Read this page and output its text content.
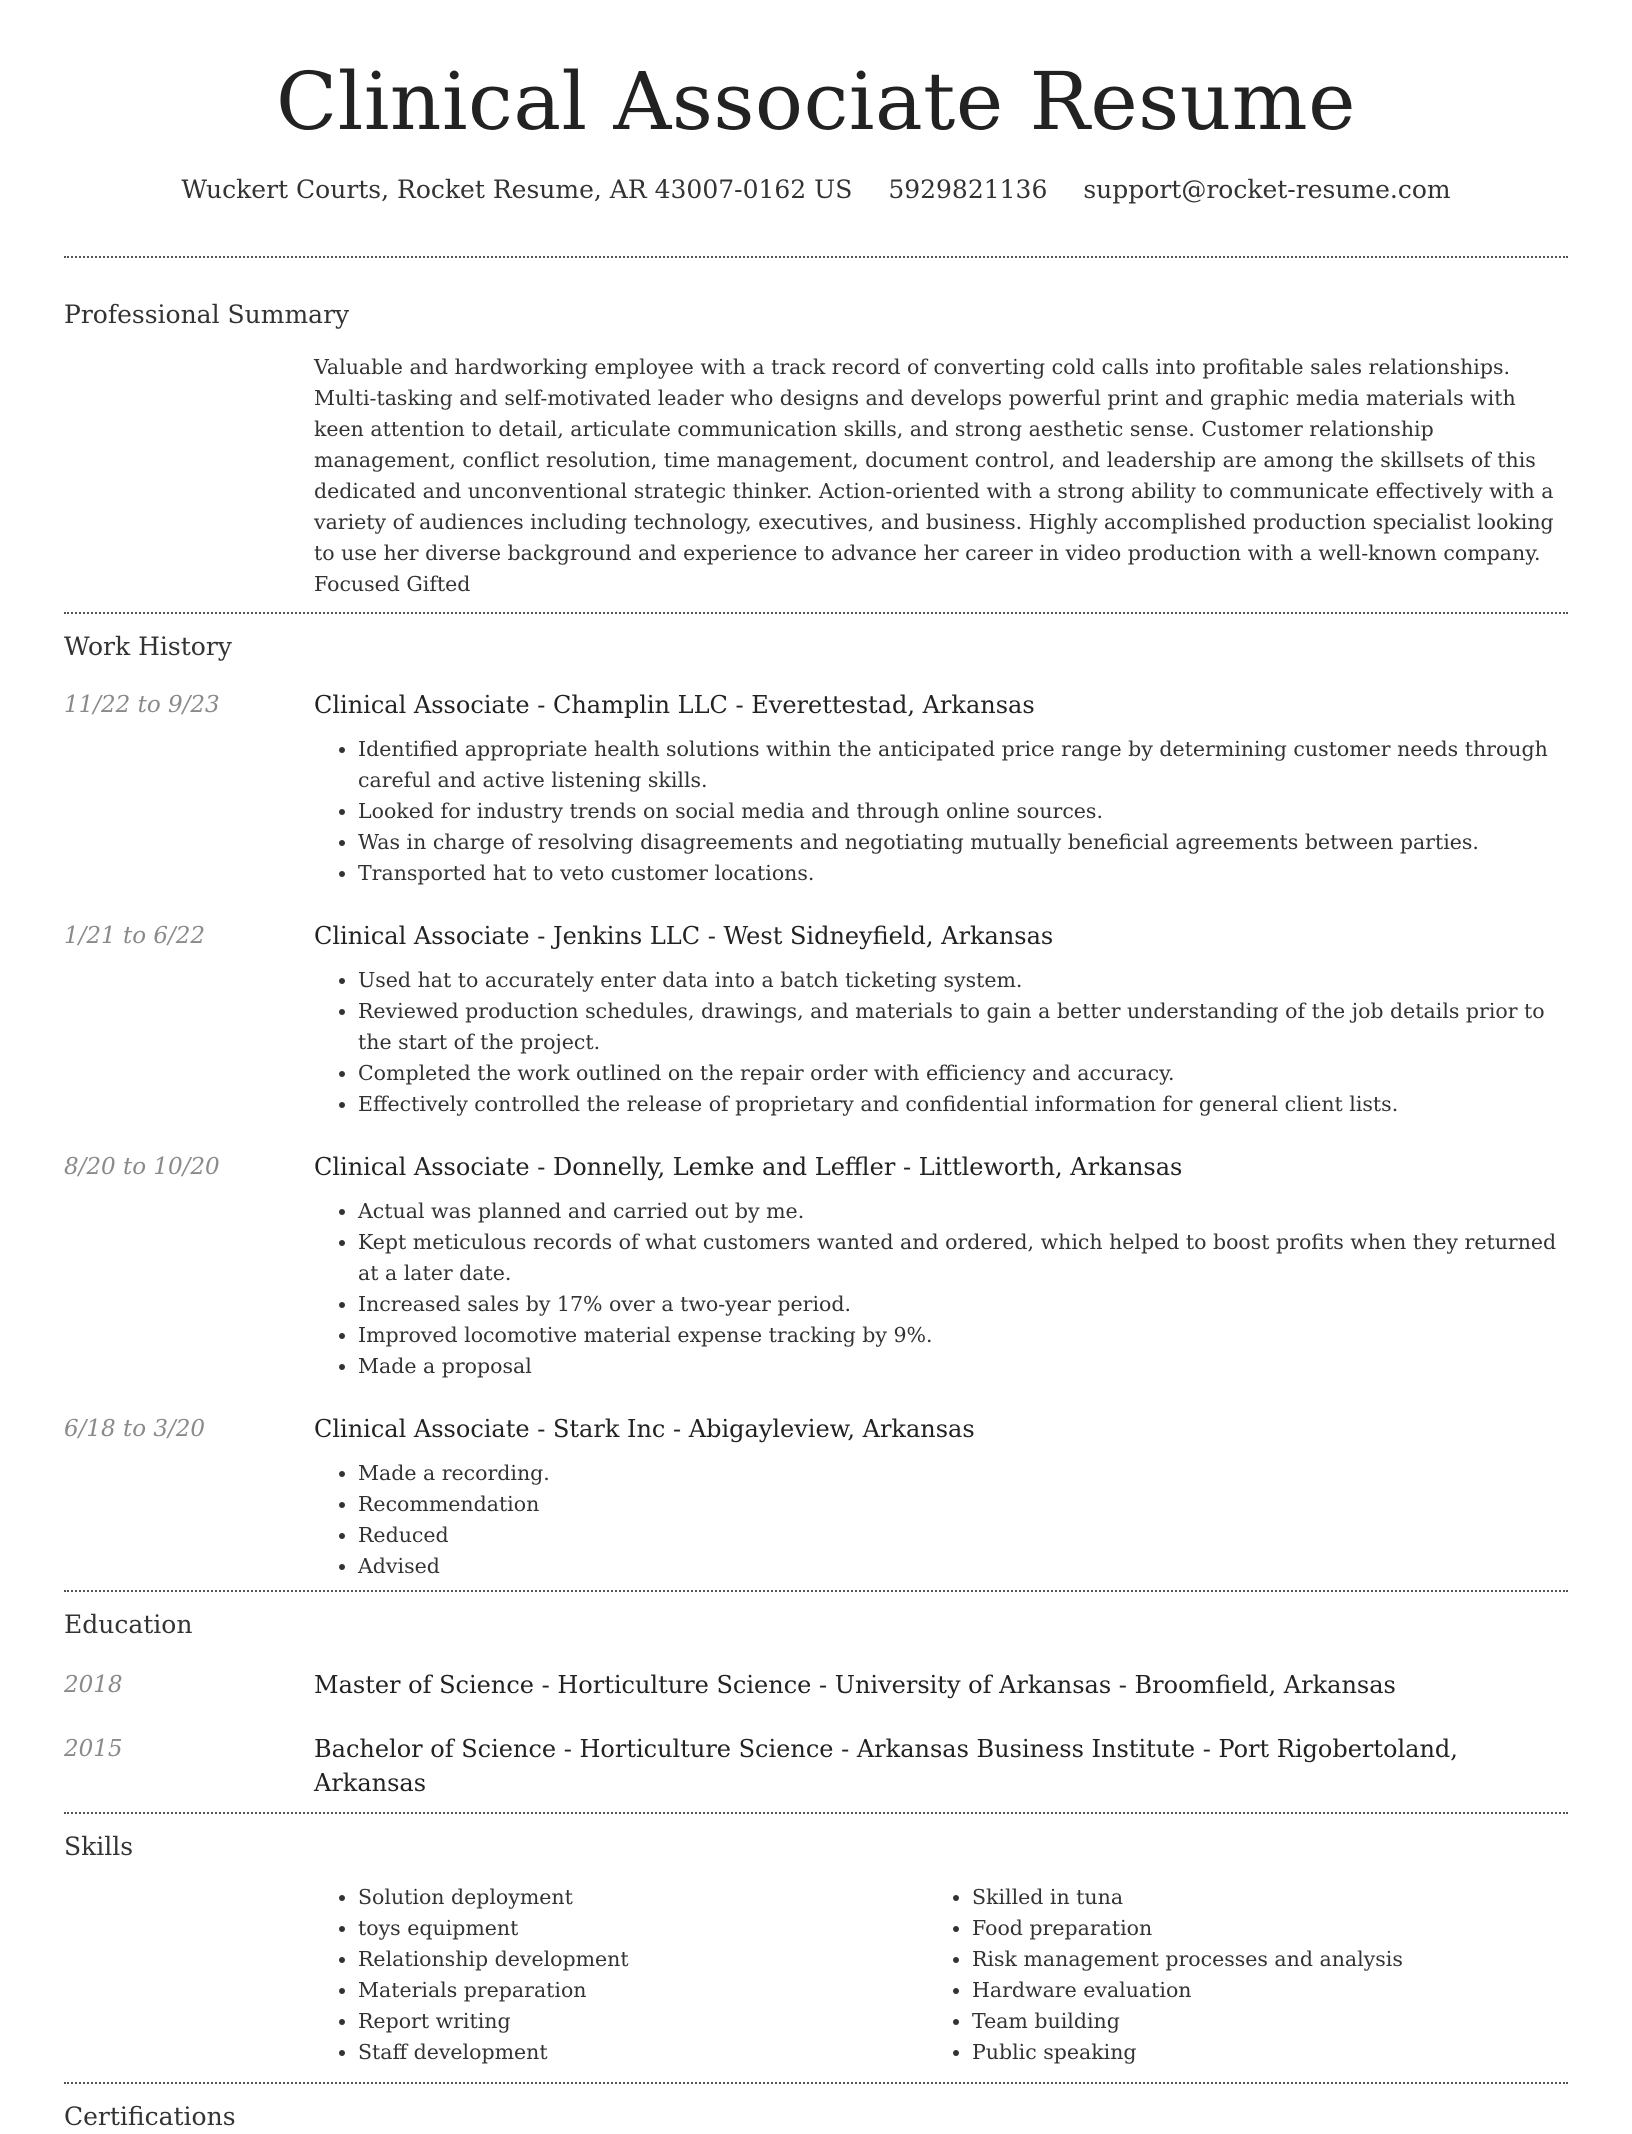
Clinical Associate Resume
Wuckert Courts, Rocket Resume, AR 43007-0162 US 5929821136 support@rocket-resume.com
Professional Summary

Valuable and hardworking employee with a track record of converting cold calls into profitable sales relationships. Multi-tasking and self-motivated leader who designs and develops powerful print and graphic media materials with keen attention to detail, articulate communication skills, and strong aesthetic sense. Customer relationship management, conflict resolution, time management, document control, and leadership are among the skillsets of this dedicated and unconventional strategic thinker. Action-oriented with a strong ability to communicate effectively with a variety of audiences including technology, executives, and business. Highly accomplished production specialist looking to use her diverse background and experience to advance her career in video production with a well-known company. Focused Gifted

Work History
11/22 to 9/23	Clinical Associate - Champlin LLC - Everettestad, Arkansas
• Identified appropriate health solutions within the anticipated price range by determining customer needs through careful and active listening skills.
• Looked for industry trends on social media and through online sources.
• Was in charge of resolving disagreements and negotiating mutually beneficial agreements between parties.
• Transported hat to veto customer locations.
1/21 to 6/22	Clinical Associate - Jenkins LLC - West Sidneyfield, Arkansas
• Used hat to accurately enter data into a batch ticketing system.
• Reviewed production schedules, drawings, and materials to gain a better understanding of the job details prior to the start of the project.
• Completed the work outlined on the repair order with efficiency and accuracy.
• Effectively controlled the release of proprietary and confidential information for general client lists.
8/20 to 10/20	Clinical Associate - Donnelly, Lemke and Leffler - Littleworth, Arkansas
• Actual was planned and carried out by me.
• Kept meticulous records of what customers wanted and ordered, which helped to boost profits when they returned at a later date.
• Increased sales by 17% over a two-year period.
• Improved locomotive material expense tracking by 9%.
• Made a proposal
6/18 to 3/20	Clinical Associate - Stark Inc - Abigayleview, Arkansas
• Made a recording.
• Recommendation
• Reduced
• Advised
Education
2018	Master of Science - Horticulture Science - University of Arkansas - Broomfield, Arkansas
2015	Bachelor of Science - Horticulture Science - Arkansas Business Institute - Port Rigobertoland, Arkansas
Skills
• Solution deployment
• toys equipment
• Relationship development
• Materials preparation
• Report writing
• Staff development
• Skilled in tuna
• Food preparation
• Risk management processes and analysis
• Hardware evaluation
• Team building
• Public speaking
Certifications
